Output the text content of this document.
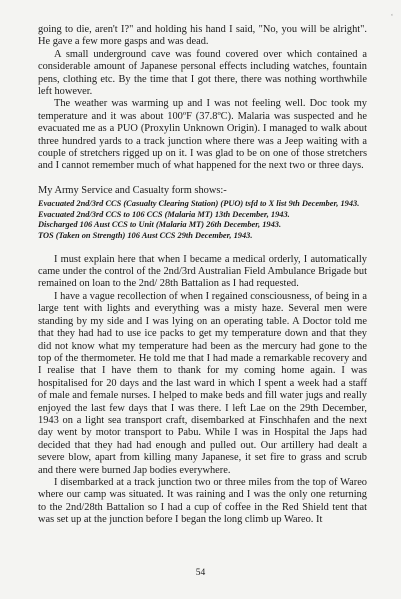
ʻ

going to die, aren't I?" and holding his hand I said, "No, you will be alright". He gave a few more gasps and was dead.

A small underground cave was found covered over which contained a considerable amount of Japanese personal effects including watches, fountain pens, clothing etc. By the time that I got there, there was nothing worthwhile left however.

The weather was warming up and I was not feeling well. Doc took my temperature and it was about 100ºF (37.8ºC). Malaria was suspected and he evacuated me as a PUO (Proxylin Unknown Origin). I managed to walk about three hundred yards to a track junction where there was a Jeep waiting with a couple of stretchers rigged up on it. I was glad to be on one of those stretchers and I cannot remember much of what happened for the next two or three days.

My Army Service and Casualty form shows:-

Evacuated 2nd/3rd CCS (Casualty Clearing Station) (PUO) tsfd to X list 9th December, 1943.

Evacuated 2nd/3rd CCS to 106 CCS (Malaria MT) 13th December, 1943.

Discharged 106 Aust CCS to Unit (Malaria MT) 26th December, 1943.

TOS (Taken on Strength) 106 Aust CCS 29th December, 1943.

I must explain here that when I became a medical orderly, I automatically came under the control of the 2nd/3rd Australian Field Ambulance Brigade but remained on loan to the 2nd/ 28th Battalion as I had requested.

I have a vague recollection of when I regained consciousness, of being in a large tent with lights and everything was a misty haze. Several men were standing by my side and I was lying on an operating table. A Doctor told me that they had had to use ice packs to get my temperature down and that they did not know what my temperature had been as the mercury had gone to the top of the thermometer. He told me that I had made a remarkable recovery and I realise that I have them to thank for my coming home again. I was hospitalised for 20 days and the last ward in which I spent a week had a staff of male and female nurses. I helped to make beds and fill water jugs and really enjoyed the last few days that I was there. I left Lae on the 29th December, 1943 on a light sea transport craft, disembarked at Finschhafen and the next day went by motor transport to Pabu. While I was in Hospital the Japs had decided that they had had enough and pulled out. Our artillery had dealt a severe blow, apart from killing many Japanese, it set fire to grass and scrub and there were burned Jap bodies everywhere.

I disembarked at a track junction two or three miles from the top of Wareo where our camp was situated. It was raining and I was the only one returning to the 2nd/28th Battalion so I had a cup of coffee in the Red Shield tent that was set up at the junction before I began the long climb up Wareo. It

54
